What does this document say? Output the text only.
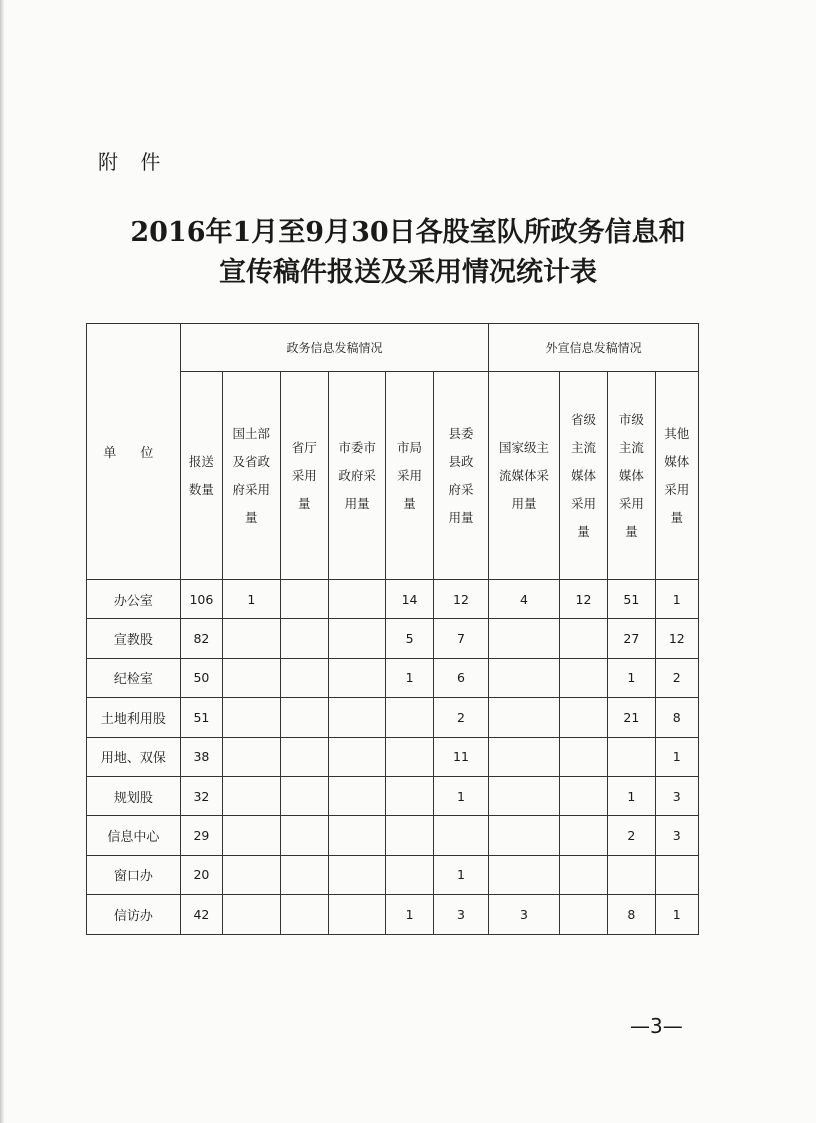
附 件
2016年1月至9月30日各股室队所政务信息和
宣传稿件报送及采用情况统计表
单 位	政务信息发稿情况						外宣信息发稿情况			

	报送
数量	国土部
及省政
府采用
量	省厅
采用
量	市委市
政府采
用量	市局
采用
量	县委
县政
府采
用量	国家级主
流媒体采
用量	省级
主流
媒体
采用
量	市级
主流
媒体
采用
量	其他
媒体
采用
量

办公室	106	1			14	12	4	12	51	1
宣教股	82				5	7			27	12
纪检室	50				1	6			1	2
土地利用股	51					2			21	8
用地、双保	38					11				1
规划股	32					1			1	3
信息中心	29								2	3
窗口办	20					1				
信访办	42				1	3	3		8	1
—3—
